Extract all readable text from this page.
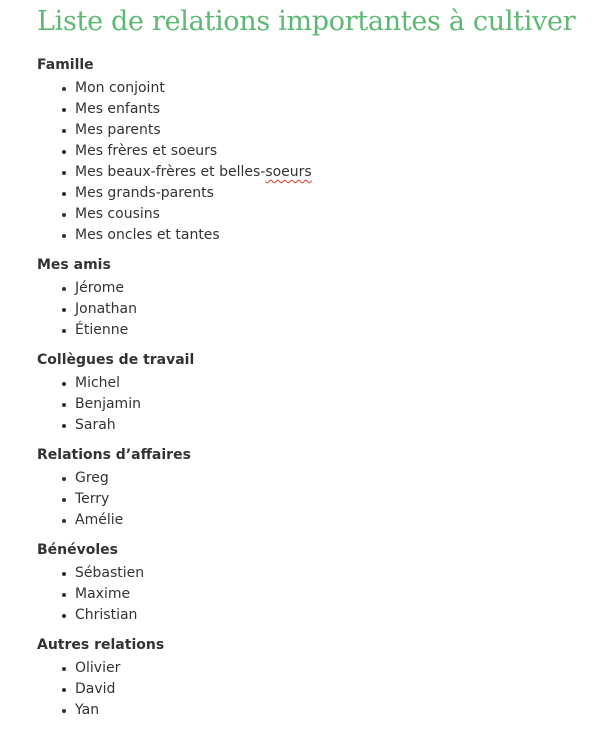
Liste de relations importantes à cultiver
Famille
Mon conjoint
Mes enfants
Mes parents
Mes frères et soeurs
Mes beaux-frères et belles-soeurs
Mes grands-parents
Mes cousins
Mes oncles et tantes
Mes amis
Jérome
Jonathan
Étienne
Collègues de travail
Michel
Benjamin
Sarah
Relations d’affaires
Greg
Terry
Amélie
Bénévoles
Sébastien
Maxime
Christian
Autres relations
Olivier
David
Yan
